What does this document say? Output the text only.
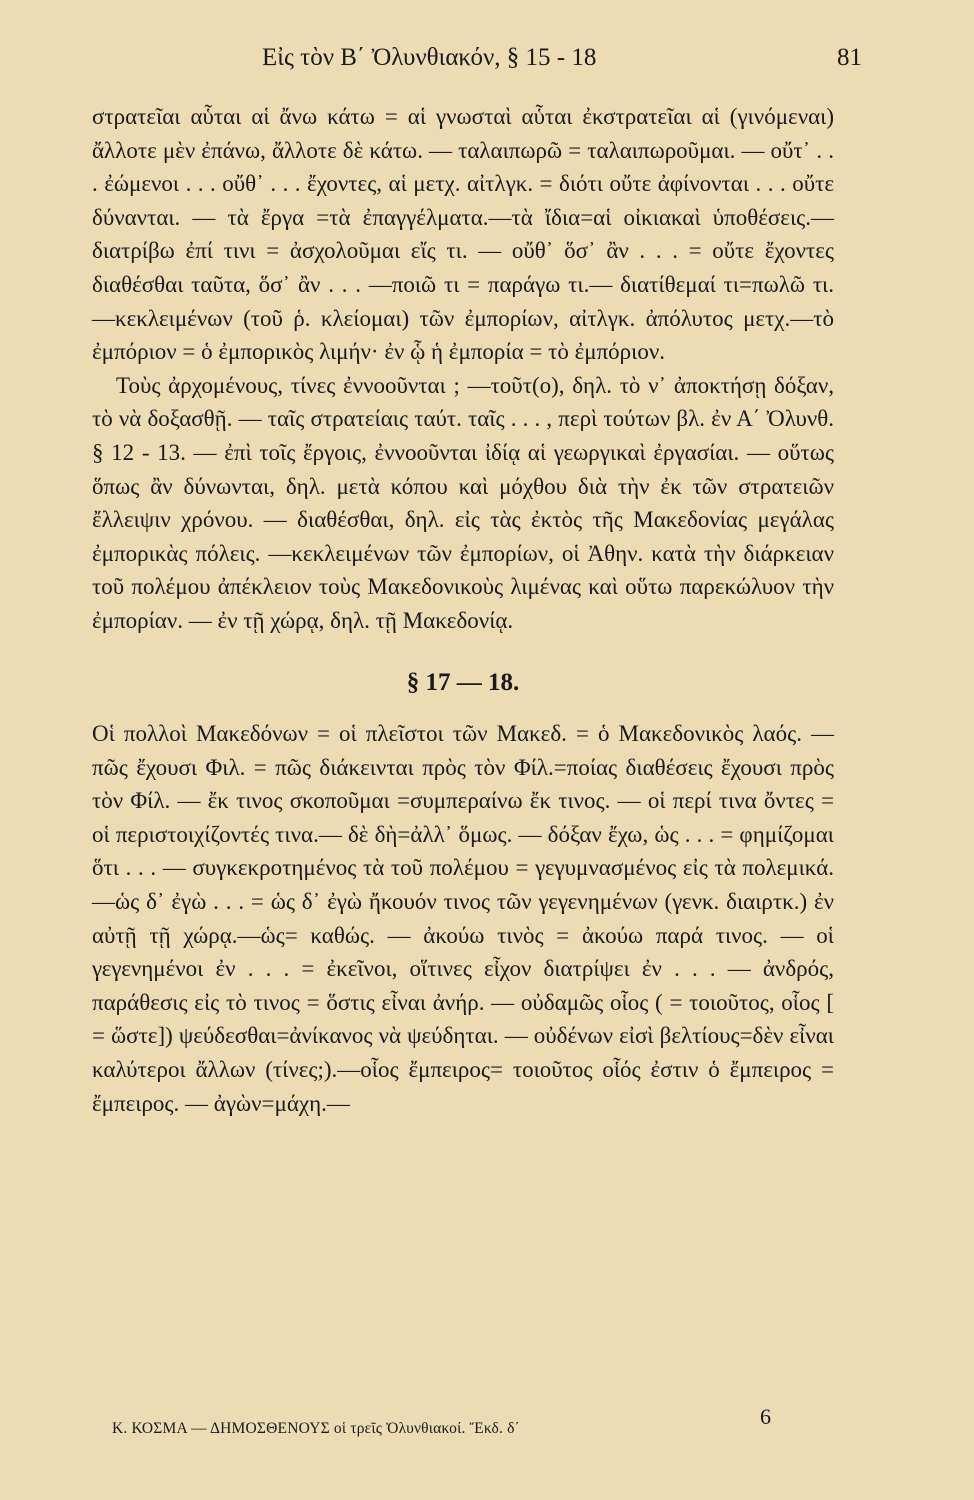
Εἰς τὸν Β΄ Ὀλυνθιακόν, § 15 - 18	81

στρατεῖαι αὗται αἱ ἄνω κάτω = αἱ γνωσταὶ αὗται ἐκστρατεῖαι αἱ (γινόμεναι) ἄλλοτε μὲν ἐπάνω, ἄλλοτε δὲ κάτω. — ταλαιπωρῶ = ταλαιπωροῦμαι. — οὔτ᾽ . . . ἐώμενοι . . . οὔθ᾽ . . . ἔχοντες, αἱ μετχ. αἰτλγκ. = διότι οὔτε ἀφίνονται . . . οὔτε δύνανται. — τὰ ἔργα =τὰ ἐπαγγέλματα.—τὰ ἴδια=αἱ οἰκιακαὶ ὑποθέσεις.—διατρίβω ἐπί τινι = ἀσχολοῦμαι εἴς τι. — οὔθ᾽ ὅσ᾽ ἂν . . . = οὔτε ἔχοντες διαθέσθαι ταῦτα, ὅσ᾽ ἂν . . . —ποιῶ τι = παράγω τι.— διατίθεμαί τι=πωλῶ τι. —κεκλειμένων (τοῦ ῥ. κλείομαι) τῶν ἐμπορίων, αἰτλγκ. ἀπόλυτος μετχ.—τὸ ἐμπόριον = ὁ ἐμπορικὸς λιμήν· ἐν ᾧ ἡ ἐμπορία = τὸ ἐμπόριον.

Τοὺς ἀρχομένους, τίνες ἐννοοῦνται ; —τοῦτ(ο), δηλ. τὸ ν᾽ ἀποκτήσῃ δόξαν, τὸ νὰ δοξασθῇ. — ταῖς στρατείαις ταύτ. ταῖς . . . , περὶ τούτων βλ. ἐν Α΄ Ὀλυνθ. § 12 - 13. — ἐπὶ τοῖς ἔργοις, ἐννοοῦνται ἰδίᾳ αἱ γεωργικαὶ ἐργασίαι. — οὕτως ὅπως ἂν δύνωνται, δηλ. μετὰ κόπου καὶ μόχθου διὰ τὴν ἐκ τῶν στρατειῶν ἔλλειψιν χρόνου. — διαθέσθαι, δηλ. εἰς τὰς ἐκτὸς τῆς Μακεδονίας μεγάλας ἐμπορικὰς πόλεις. —κεκλειμένων τῶν ἐμπορίων, οἱ Ἀθην. κατὰ τὴν διάρκειαν τοῦ πολέμου ἀπέκλειον τοὺς Μακεδονικοὺς λιμένας καὶ οὕτω παρεκώλυον τὴν ἐμπορίαν. — ἐν τῇ χώρᾳ, δηλ. τῇ Μακεδονίᾳ.

§ 17 — 18.

Οἱ πολλοὶ Μακεδόνων = οἱ πλεῖστοι τῶν Μακεδ. = ὁ Μακεδονικὸς λαός. — πῶς ἔχουσι Φιλ. = πῶς διάκεινται πρὸς τὸν Φίλ.=ποίας διαθέσεις ἔχουσι πρὸς τὸν Φίλ. — ἔκ τινος σκοποῦμαι =συμπεραίνω ἔκ τινος. — οἱ περί τινα ὄντες = οἱ περιστοιχίζοντές τινα.— δὲ δὴ=ἀλλ᾽ ὅμως. — δόξαν ἔχω, ὡς . . . = φημίζομαι ὅτι . . . — συγκεκροτημένος τὰ τοῦ πολέμου = γεγυμνασμένος εἰς τὰ πολεμικά.—ὡς δ᾽ ἐγὼ . . . = ὡς δ᾽ ἐγὼ ἤκουόν τινος τῶν γεγενημένων (γενκ. διαιρτκ.) ἐν αὐτῇ τῇ χώρᾳ.—ὡς= καθώς. — ἀκούω τινὸς = ἀκούω παρά τινος. — οἱ γεγενημένοι ἐν . . . = ἐκεῖνοι, οἵτινες εἶχον διατρίψει ἐν . . . — ἀνδρός, παράθεσις εἰς τὸ τινος = ὅστις εἶναι ἀνήρ. — οὐδαμῶς οἷος ( = τοιοῦτος, οἷος [ = ὥστε]) ψεύδεσθαι=ἀνίκανος νὰ ψεύδηται. — οὐδένων εἰσὶ βελτίους=δὲν εἶναι καλύτεροι ἄλλων (τίνες;).—οἷος ἔμπειρος= τοιοῦτος οἷός ἐστιν ὁ ἔμπειρος = ἔμπειρος. — ἀγὼν=μάχη.—

Κ. ΚΟΣΜΑ — ΔΗΜΟΣΘΕΝΟΥΣ οἱ τρεῖς Ὀλυνθιακοί. Ἔκδ. δ΄	6
